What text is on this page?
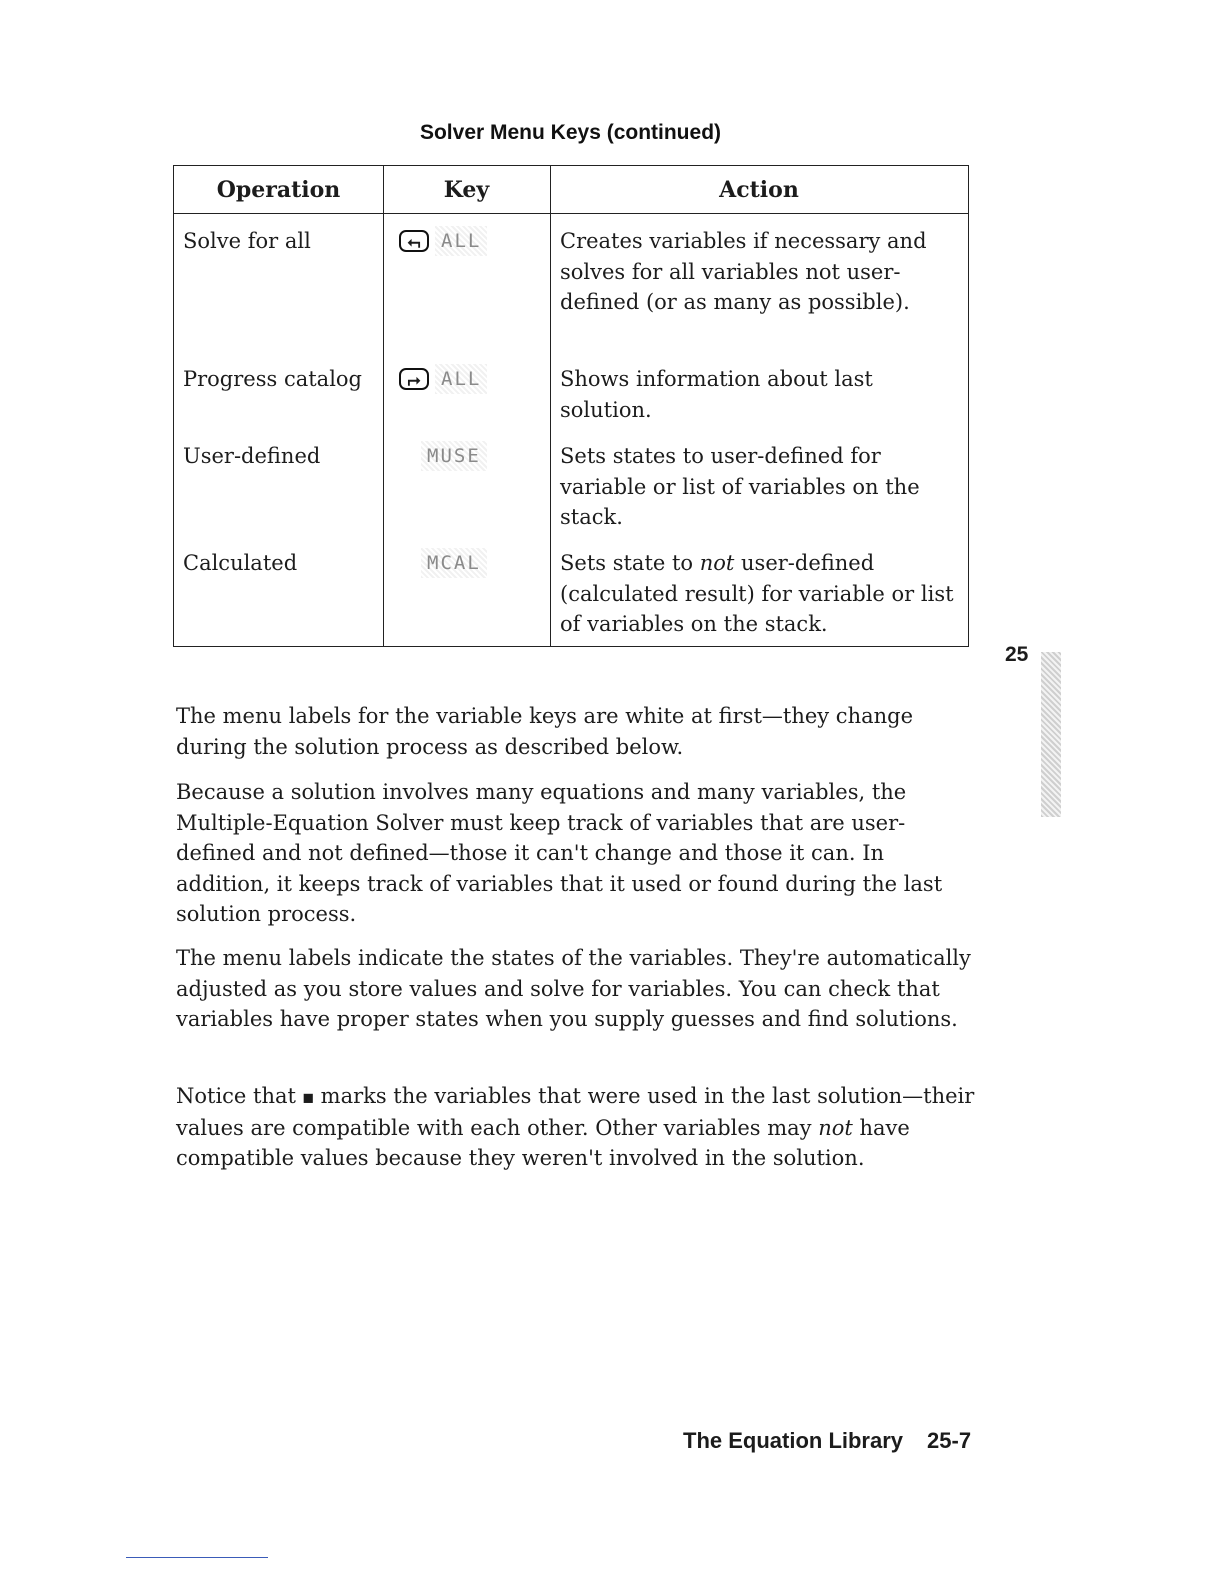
Solver Menu Keys (continued)
Operation	Key	Action
Solve for all	⮢ ALL	Creates variables if necessary and solves for all variables not user-defined (or as many as possible).
Progress catalog	⮣ ALL	Shows information about last solution.
User-defined	MUSE	Sets states to user-defined for variable or list of variables on the stack.
Calculated	MCAL	Sets state to not user-defined (calculated result) for variable or list of variables on the stack.
25

The menu labels for the variable keys are white at first—they change during the solution process as described below.

Because a solution involves many equations and many variables, the Multiple-Equation Solver must keep track of variables that are user-defined and not defined—those it can't change and those it can. In addition, it keeps track of variables that it used or found during the last solution process.

The menu labels indicate the states of the variables. They're automatically adjusted as you store values and solve for variables. You can check that variables have proper states when you supply guesses and find solutions.

Notice that ■ marks the variables that were used in the last solution—their values are compatible with each other. Other variables may not have compatible values because they weren't involved in the solution.

The Equation Library 25-7
